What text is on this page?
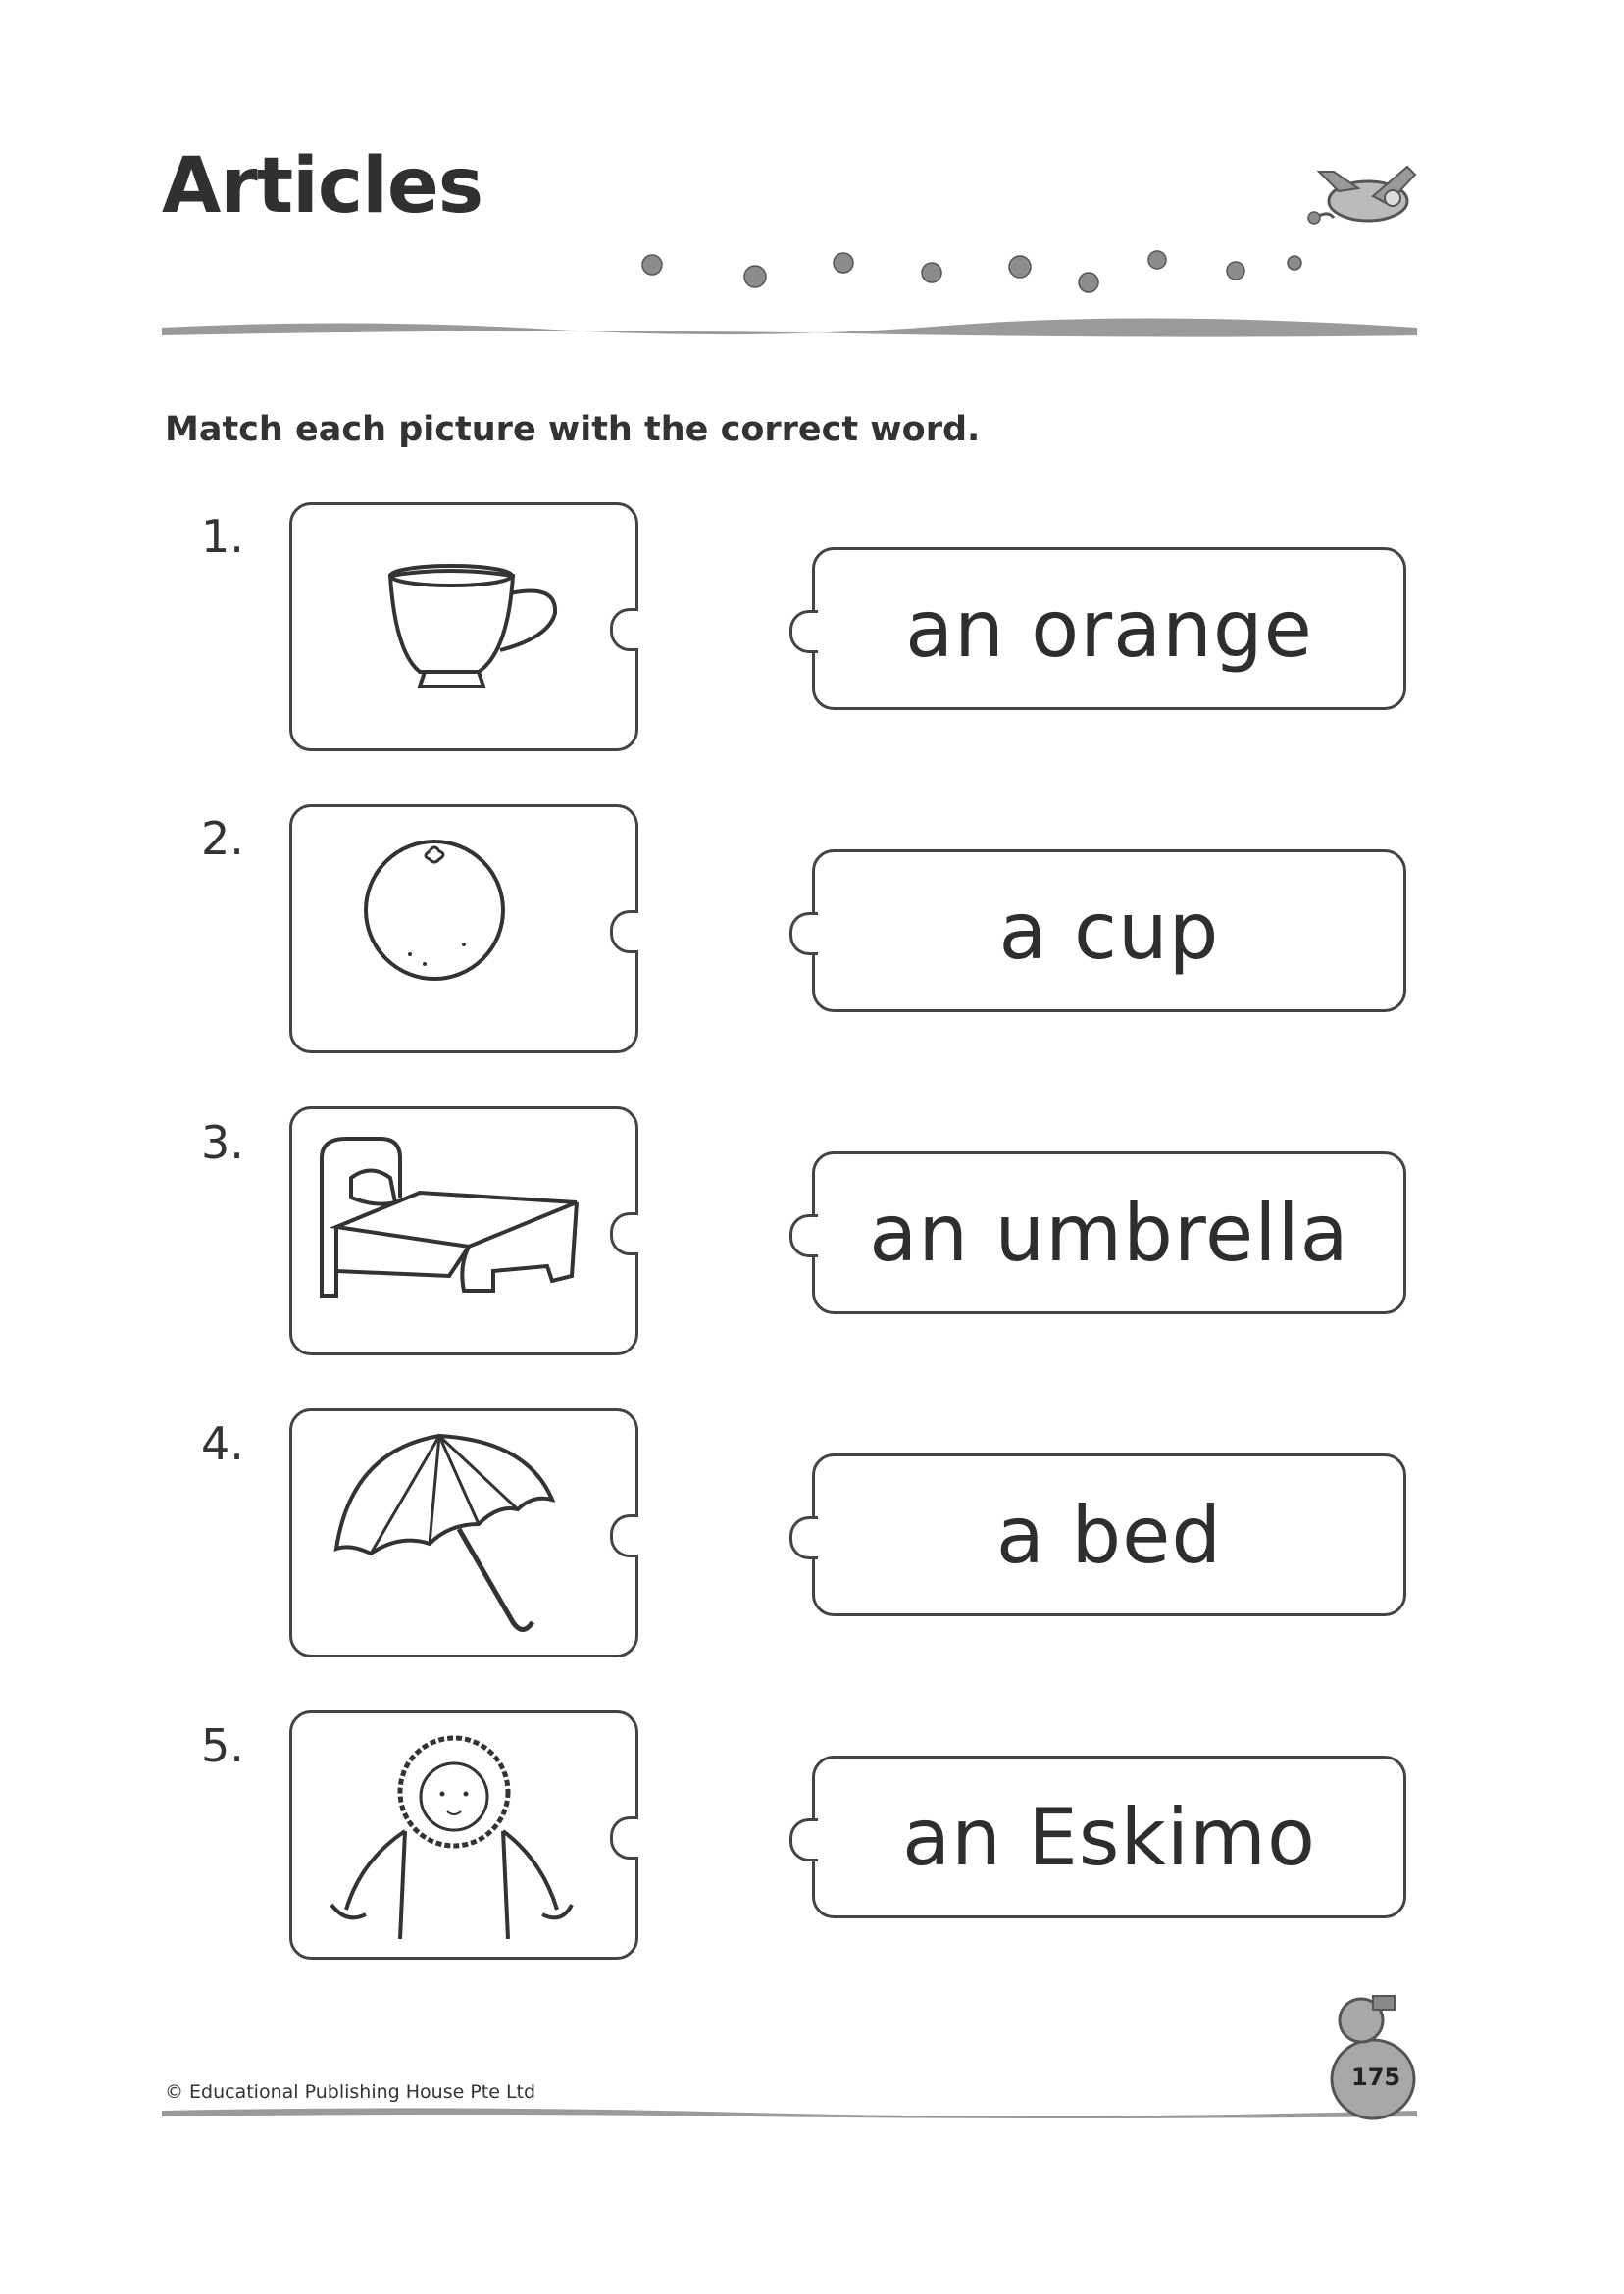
Articles
Match each picture with the correct word.
1.
2.
3.
4.
5.
an orange
a cup
an umbrella
a bed
an Eskimo
© Educational Publishing House Pte Ltd
175
